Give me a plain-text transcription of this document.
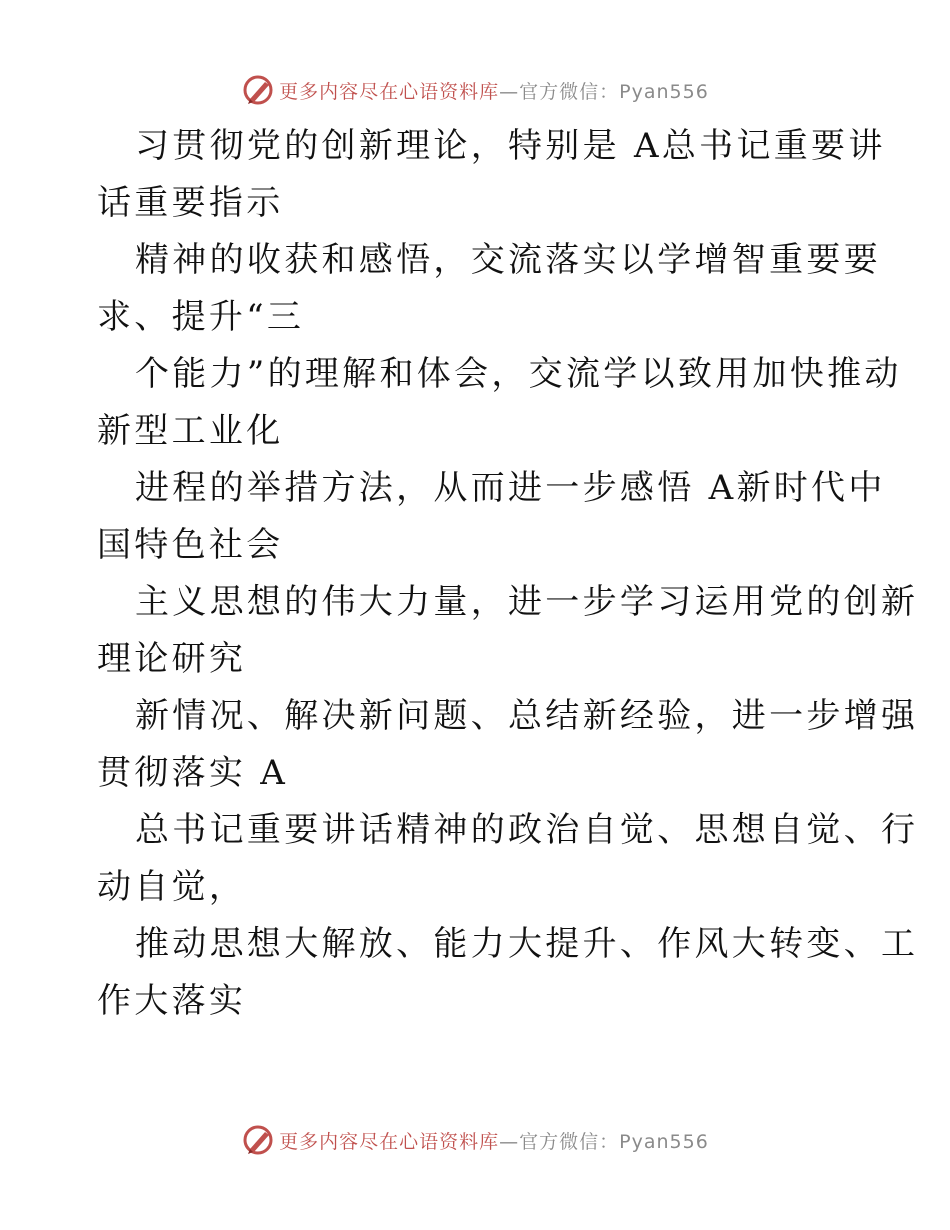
更多内容尽在心语资料库 —官方微信：Pyan556
习贯彻党的创新理论，特别是 A总书记重要讲
话重要指示
精神的收获和感悟，交流落实以学增智重要要
求、提升“三
个能力”的理解和体会，交流学以致用加快推动
新型工业化
进程的举措方法，从而进一步感悟 A新时代中
国特色社会
主义思想的伟大力量，进一步学习运用党的创新
理论研究
新情况、解决新问题、总结新经验，进一步增强
贯彻落实 A
总书记重要讲话精神的政治自觉、思想自觉、行
动自觉，
推动思想大解放、能力大提升、作风大转变、工
作大落实
更多内容尽在心语资料库 —官方微信：Pyan556
